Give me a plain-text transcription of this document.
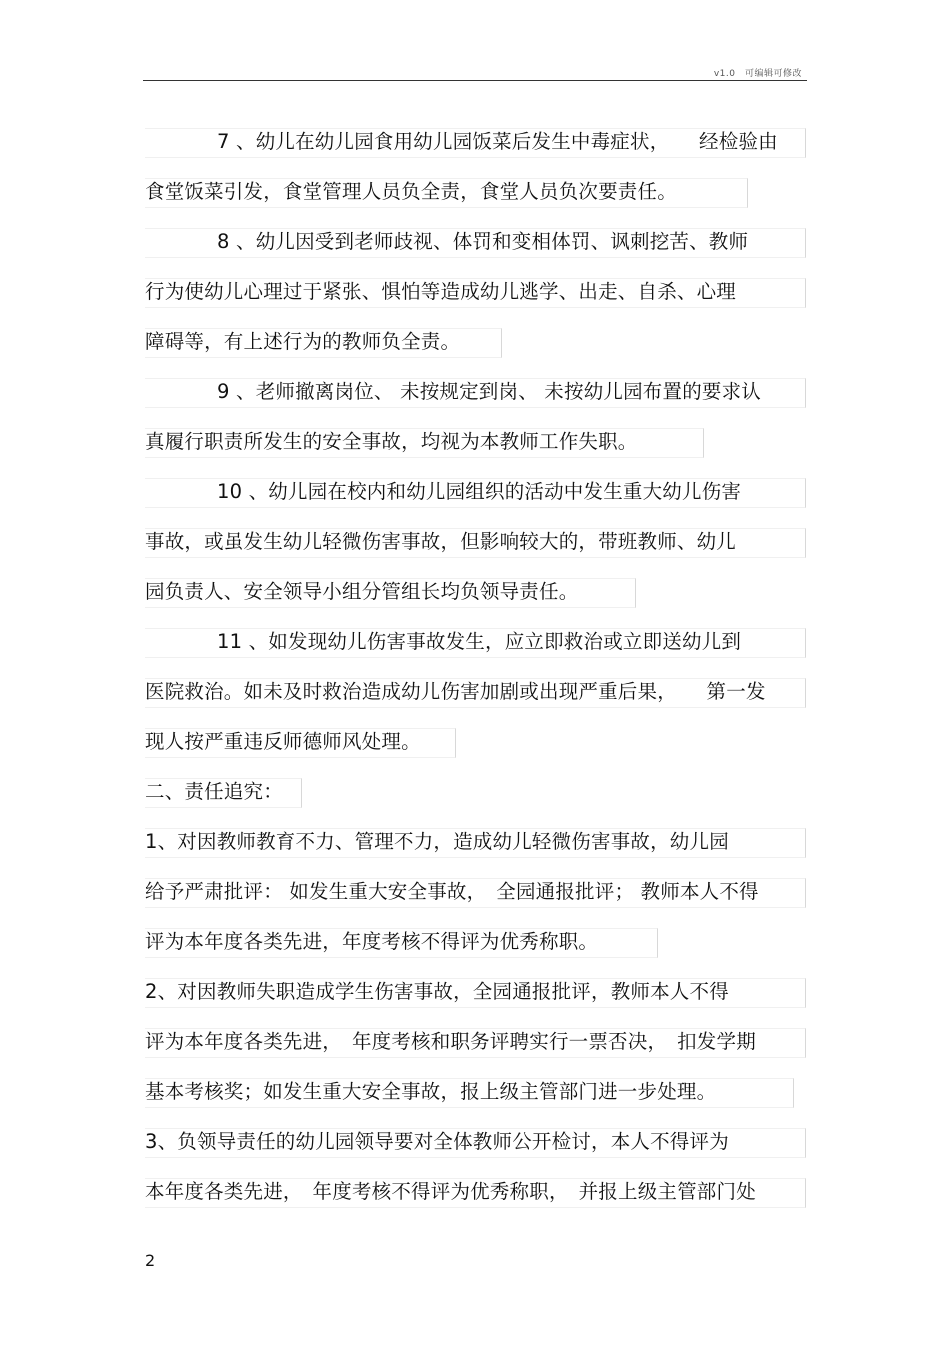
v1.0　可编辑可修改
7 、幼儿在幼儿园食用幼儿园饭菜后发生中毒症状，　　经检验由
食堂饭菜引发，食堂管理人员负全责，食堂人员负次要责任。
8 、幼儿因受到老师歧视、体罚和变相体罚、讽刺挖苦、教师
行为使幼儿心理过于紧张、惧怕等造成幼儿逃学、出走、自杀、心理
障碍等，有上述行为的教师负全责。
9 、老师撤离岗位、 未按规定到岗、 未按幼儿园布置的要求认
真履行职责所发生的安全事故，均视为本教师工作失职。
10 、幼儿园在校内和幼儿园组织的活动中发生重大幼儿伤害
事故，或虽发生幼儿轻微伤害事故，但影响较大的，带班教师、幼儿
园负责人、安全领导小组分管组长均负领导责任。
11 、如发现幼儿伤害事故发生，应立即救治或立即送幼儿到
医院救治。如未及时救治造成幼儿伤害加剧或出现严重后果，　　第一发
现人按严重违反师德师风处理。
二、责任追究：
1、对因教师教育不力、管理不力，造成幼儿轻微伤害事故，幼儿园
给予严肃批评： 如发生重大安全事故，　全园通报批评； 教师本人不得
评为本年度各类先进，年度考核不得评为优秀称职。
2、对因教师失职造成学生伤害事故，全园通报批评，教师本人不得
评为本年度各类先进，　年度考核和职务评聘实行一票否决，　扣发学期
基本考核奖；如发生重大安全事故，报上级主管部门进一步处理。
3、负领导责任的幼儿园领导要对全体教师公开检讨，本人不得评为
本年度各类先进，　年度考核不得评为优秀称职，　并报上级主管部门处
2
